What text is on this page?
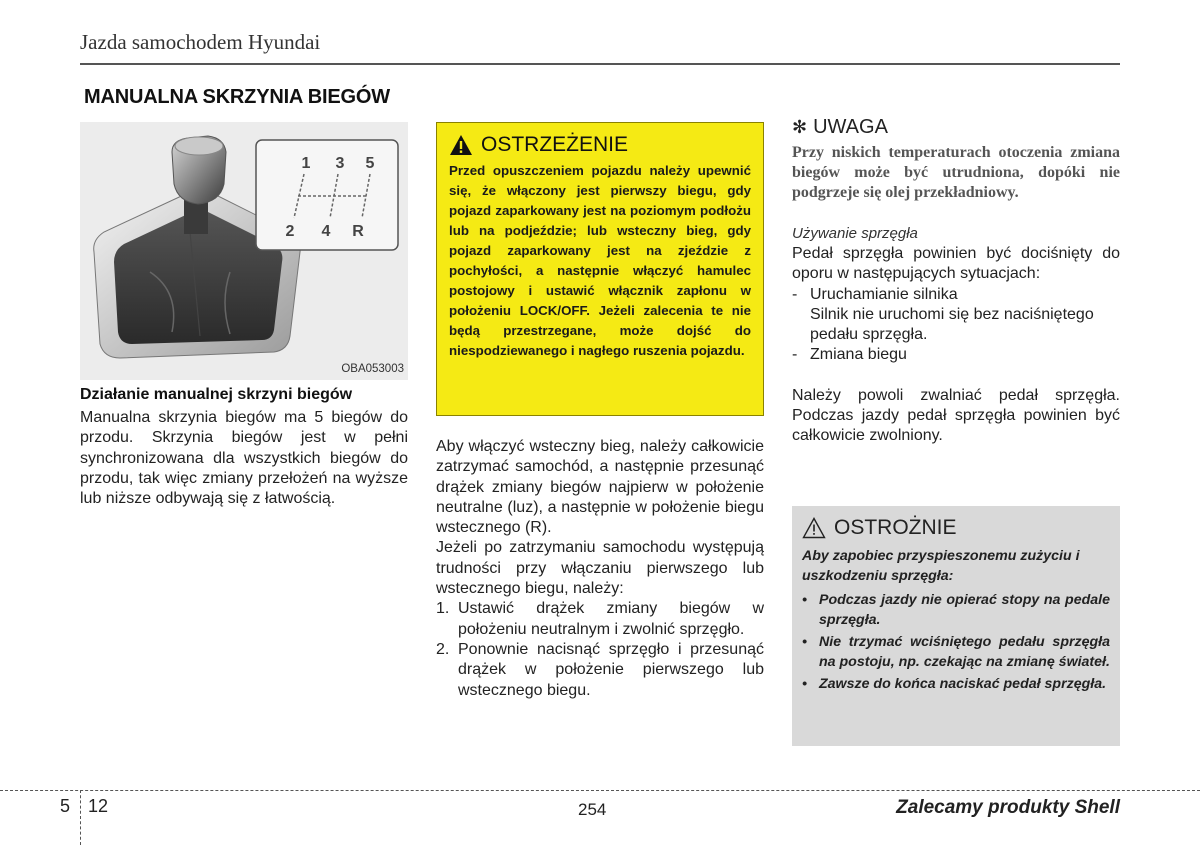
Jazda samochodem Hyundai
MANUALNA SKRZYNIA BIEGÓW
1 3 5
2 4 R
OBA053003
Działanie manualnej skrzyni biegów

Manualna skrzynia biegów ma 5 biegów do przodu. Skrzynia biegów jest w pełni synchronizowana dla wszystkich biegów do przodu, tak więc zmiany przełożeń na wyższe lub niższe odbywają się z łatwością.

OSTRZEŻENIE

Przed opuszczeniem pojazdu należy upewnić się, że włączony jest pierwszy biegu, gdy pojazd zaparkowany jest na poziomym podłożu lub na podjeździe; lub wsteczny bieg, gdy pojazd zaparkowany jest na zjeździe z pochyłości, a następnie włączyć hamulec postojowy i ustawić włącznik zapłonu w położeniu LOCK/OFF. Jeżeli zalecenia te nie będą przestrzegane, może dojść do niespodziewanego i nagłego ruszenia pojazdu.

Aby włączyć wsteczny bieg, należy całkowicie zatrzymać samochód, a następnie przesunąć drążek zmiany biegów najpierw w położenie neutralne (luz), a następnie w położenie biegu wstecznego (R).

Jeżeli po zatrzymaniu samochodu występują trudności przy włączaniu pierwszego lub wstecznego biegu, należy:

1. Ustawić drążek zmiany biegów w położeniu neutralnym i zwolnić sprzęgło.
2. Ponownie nacisnąć sprzęgło i przesunąć drążek w położenie pierwszego lub wstecznego biegu.
✻ UWAGA

Przy niskich temperaturach otoczenia zmiana biegów może być utrudniona, dopóki nie podgrzeje się olej przekładniowy.

Używanie sprzęgła

Pedał sprzęgła powinien być dociśnięty do oporu w następujących sytuacjach:

- Uruchamianie silnika
Silnik nie uruchomi się bez naciśniętego pedału sprzęgła.
- Zmiana biegu

Należy powoli zwalniać pedał sprzęgła. Podczas jazdy pedał sprzęgła powinien być całkowicie zwolniony.

OSTROŻNIE

Aby zapobiec przyspieszonemu zużyciu i uszkodzeniu sprzęgła:

• Podczas jazdy nie opierać stopy na pedale sprzęgła.
• Nie trzymać wciśniętego pedału sprzęgła na postoju, np. czekając na zmianę świateł.
• Zawsze do końca naciskać pedał sprzęgła.
5 12	254	Zalecamy produkty Shell
